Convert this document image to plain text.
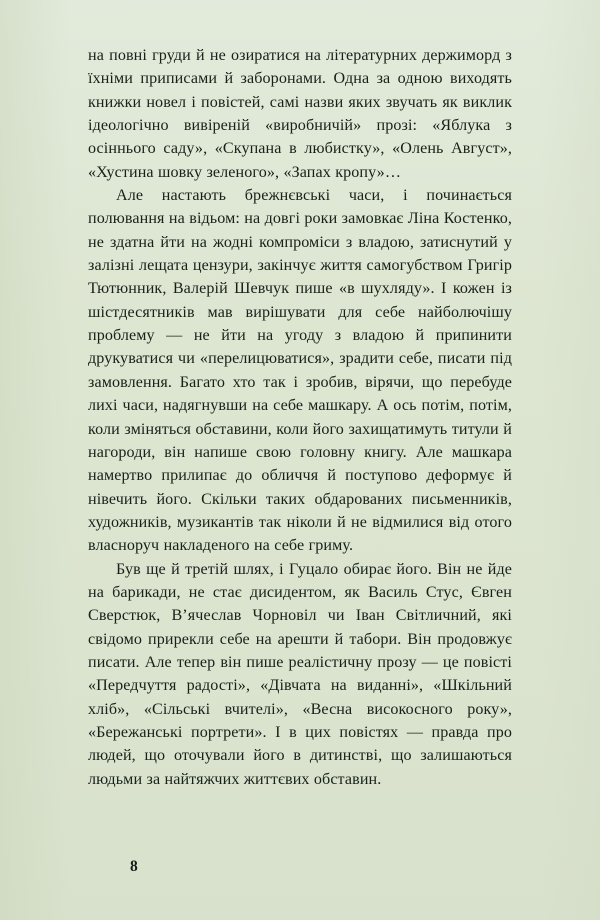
на повні груди й не озиратися на літературних держиморд з їхніми приписами й заборонами. Одна за одною виходять книжки новел і повістей, самі назви яких звучать як виклик ідеологічно вивіреній «виробничій» прозі: «Яблука з осіннього саду», «Скупана в любистку», «Олень Август», «Хустина шовку зеленого», «Запах кропу»…

Але настають брежнєвські часи, і починається полювання на відьом: на довгі роки замовкає Ліна Костенко, не здатна йти на жодні компроміси з владою, затиснутий у залізні лещата цензури, закінчує життя самогубством Григір Тютюнник, Валерій Шевчук пише «в шухляду». І кожен із шістдесятників мав вирішувати для себе найболючішу проблему — не йти на угоду з владою й припинити друкуватися чи «перелицюватися», зрадити себе, писати під замовлення. Багато хто так і зробив, вірячи, що перебуде лихі часи, надягнувши на себе машкару. А ось потім, потім, коли зміняться обставини, коли його захищатимуть титули й нагороди, він напише свою головну книгу. Але машкара намертво прилипає до обличчя й поступово деформує й нівечить його. Скільки таких обдарованих письменників, художників, музикантів так ніколи й не відмилися від отого власноруч накладеного на себе гриму.

Був ще й третій шлях, і Гуцало обирає його. Він не йде на барикади, не стає дисидентом, як Василь Стус, Євген Сверстюк, В’ячеслав Чорновіл чи Іван Світличний, які свідомо прирекли себе на арешти й табори. Він продовжує писати. Але тепер він пише реалістичну прозу — це повісті «Передчуття радості», «Дівчата на виданні», «Шкільний хліб», «Сільські вчителі», «Весна високосного року», «Бережанські портрети». І в цих повістях — правда про людей, що оточували його в дитинстві, що залишаються людьми за найтяжчих життєвих обставин.

8
